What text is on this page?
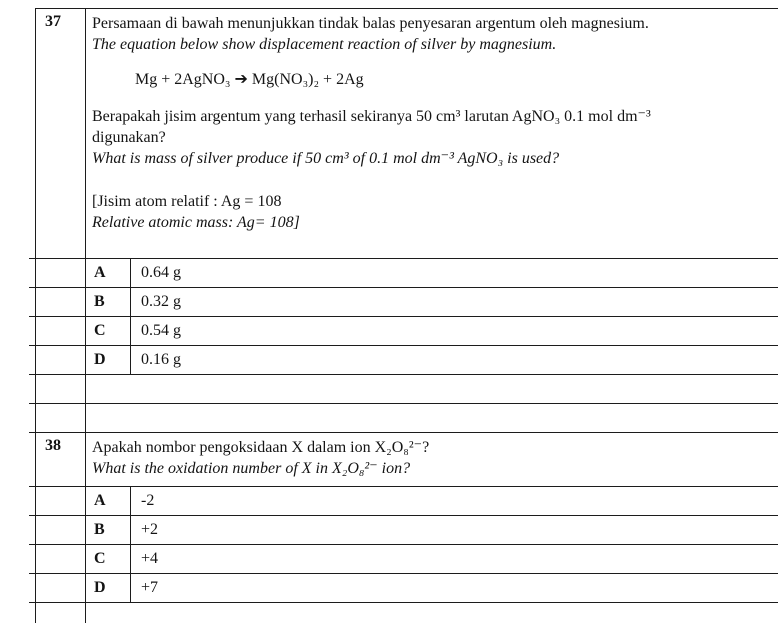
37	Persamaan di bawah menunjukkan tindak balas penyesaran argentum oleh magnesium.

The equation below show displacement reaction of silver by magnesium.

Mg + 2AgNO₃ ➔ Mg(NO₃)₂ + 2Ag

Berapakah jisim argentum yang terhasil sekiranya 50 cm³ larutan AgNO₃ 0.1 mol dm⁻³

digunakan?

What is mass of silver produce if 50 cm³ of 0.1 mol dm⁻³ AgNO₃ is used?

[Jisim atom relatif : Ag = 108

Relative atomic mass: Ag= 108]

A	0.64 g
B	0.32 g
C	0.54 g
D	0.16 g
38	Apakah nombor pengoksidaan X dalam ion X₂O₈²⁻?

What is the oxidation number of X in X₂O₈²⁻ ion?

A	-2
B	+2
C	+4
D	+7
